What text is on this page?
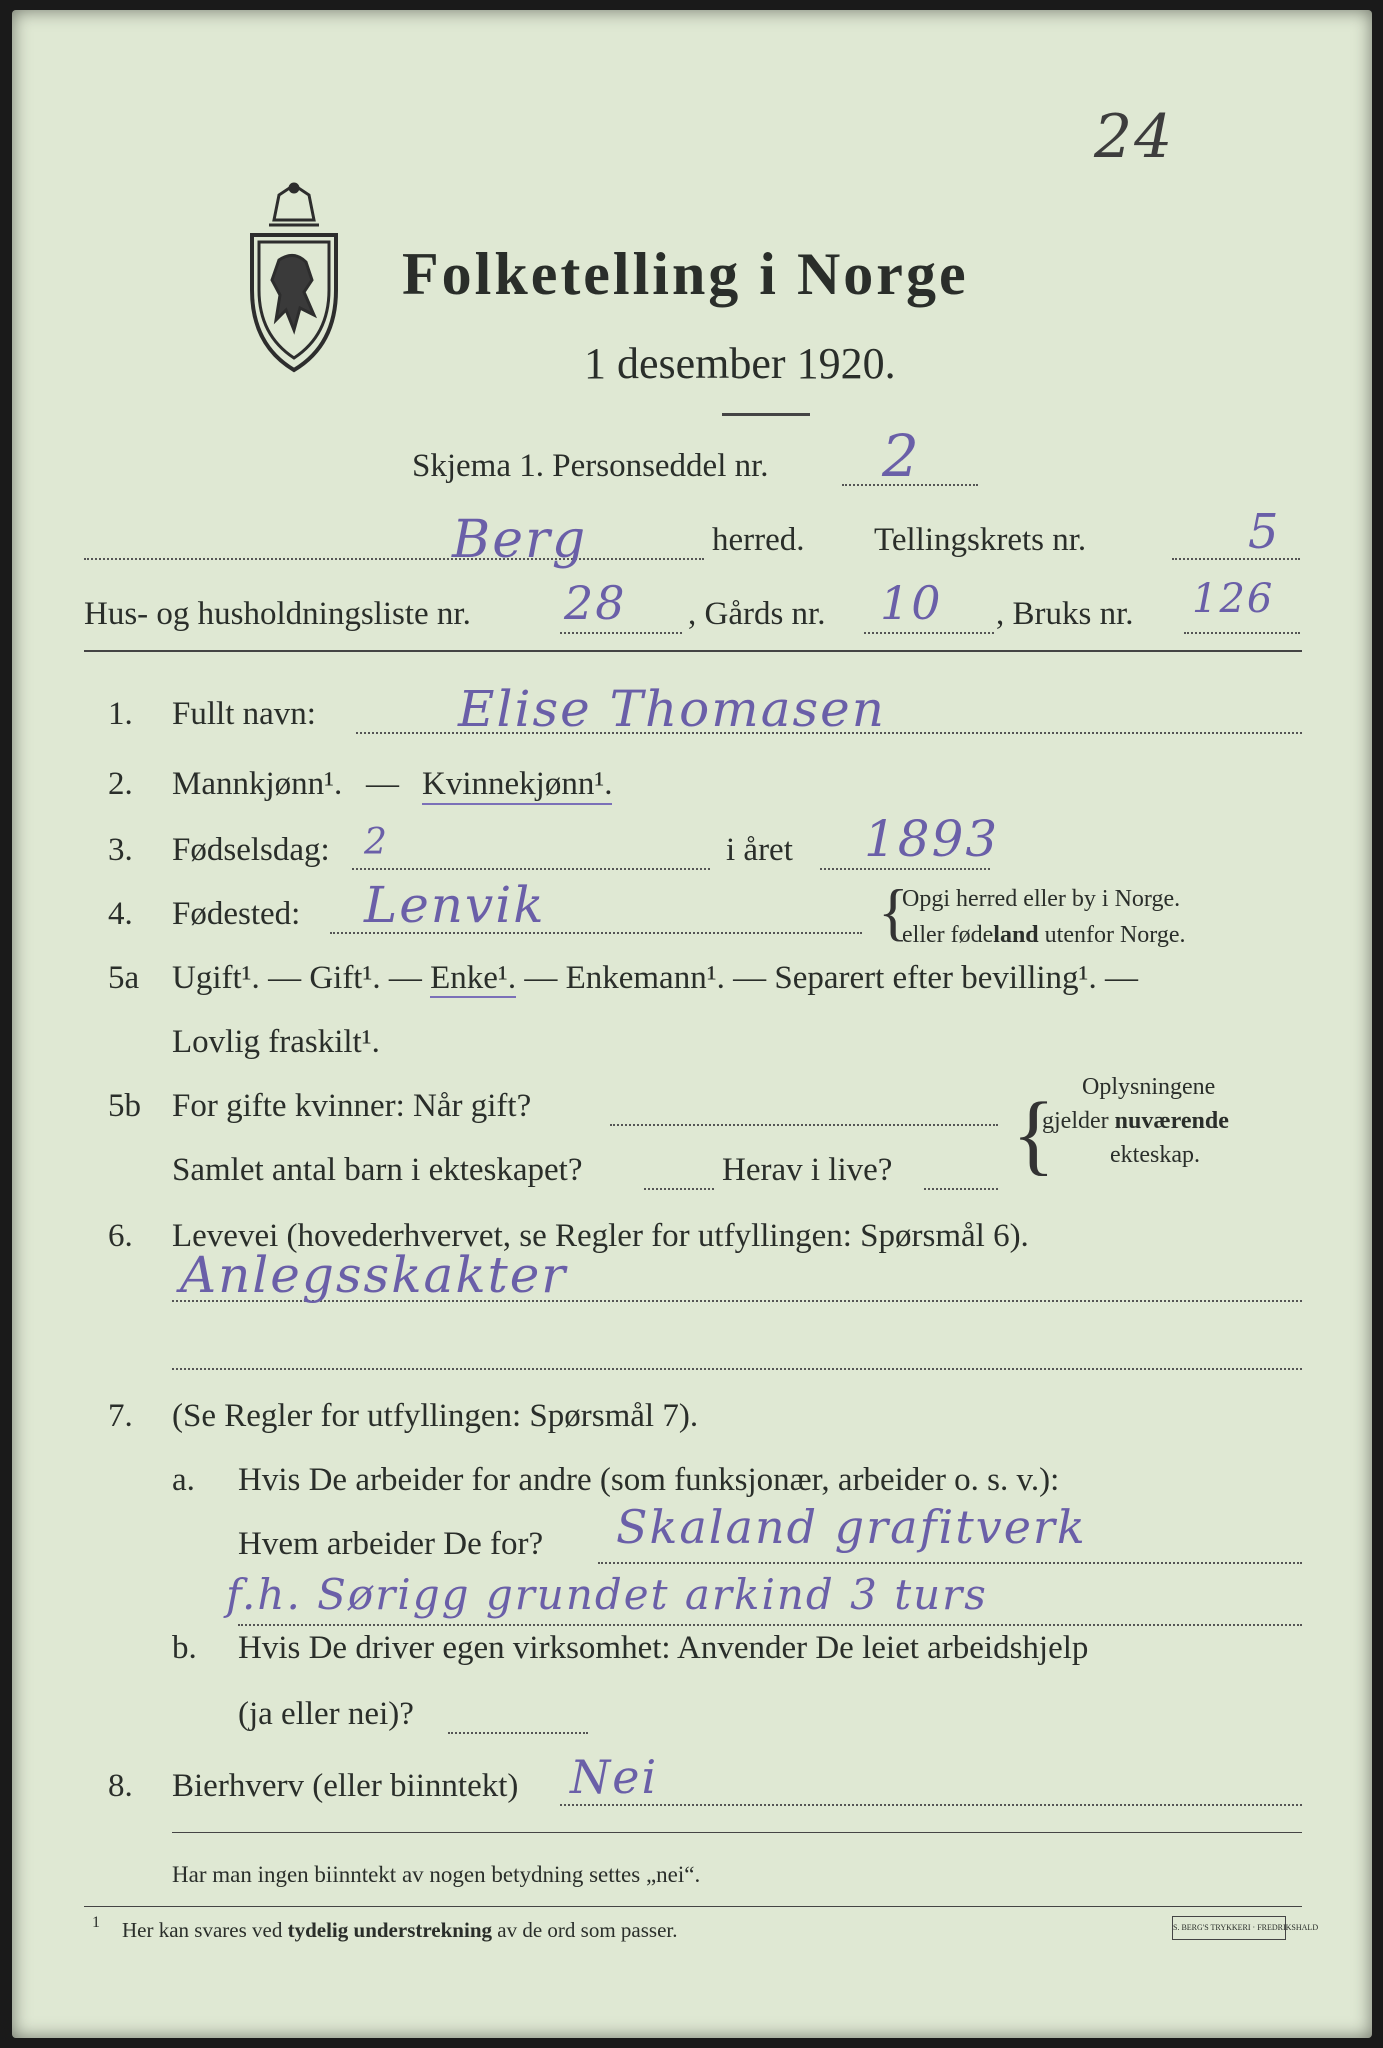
24
Folketelling i Norge
1 desember 1920.
Skjema 1. Personseddel nr. 2
Berg	herred. Tellingskrets nr.	5
Hus- og husholdningsliste nr. 28 , Gårds nr. 10 , Bruks nr. 126
1. Fullt navn:	Elise Thomasen
2. Mannkjønn¹. — Kvinnekjønn¹.
3. Fødselsdag: 2	i året 1893
4. Fødested: Lenvik	{
Opgi herred eller by i Norge.
eller fødeland utenfor Norge.
5a Ugift¹. — Gift¹. — Enke¹. — Enkemann¹. — Separert efter bevilling¹. —
Lovlig fraskilt¹.
5b For gifte kvinner: Når gift?
Samlet antal barn i ekteskapet?	Herav i live? { Oplysningene
gjelder nuværende
ekteskap.
6. Levevei (hovederhvervet, se Regler for utfyllingen: Spørsmål 6).
Anlegsskakter
7. (Se Regler for utfyllingen: Spørsmål 7).
a. Hvis De arbeider for andre (som funksjonær, arbeider o. s. v.):
Hvem arbeider De for? Skaland grafitverk
f.h. Sørigg grundet arkind 3 turs
b. Hvis De driver egen virksomhet: Anvender De leiet arbeidshjelp
(ja eller nei)?
8. Bierhverv (eller biinntekt) Nei
Har man ingen biinntekt av nogen betydning settes „nei“.
1 Her kan svares ved tydelig understrekning av de ord som passer.	S. BERG'S TRYKKERI · FREDRIKSHALD
